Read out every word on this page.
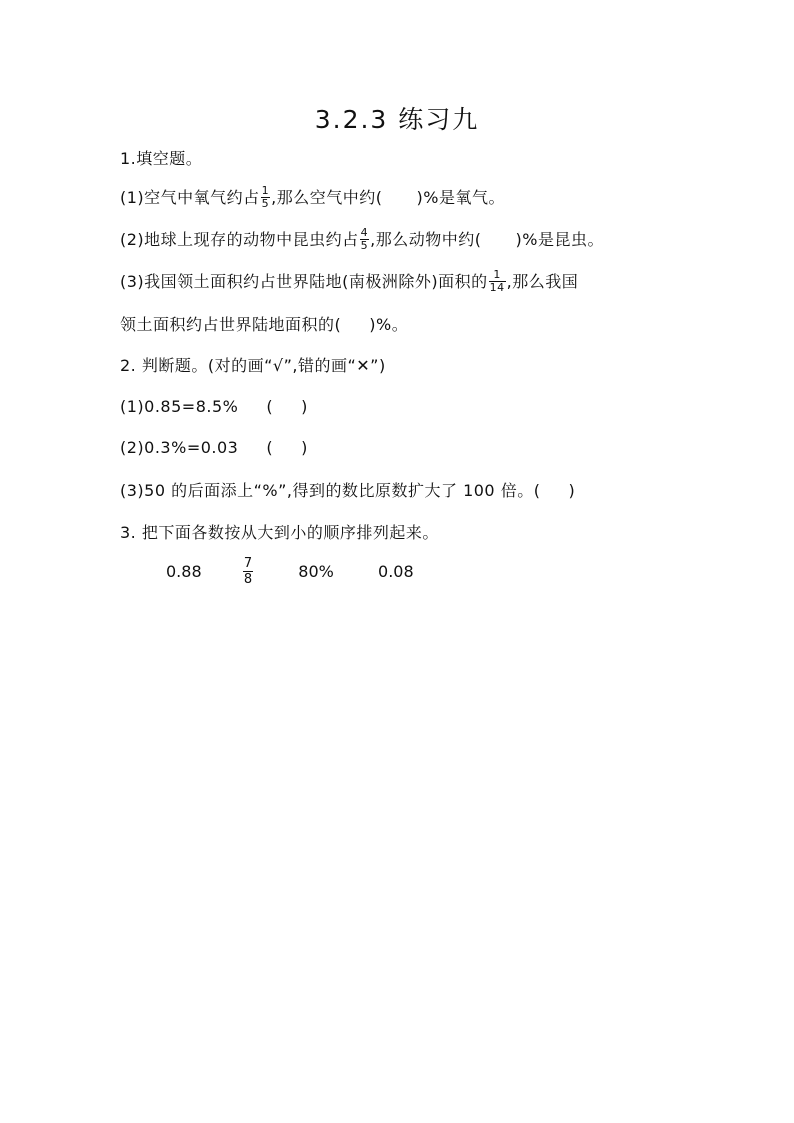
3.2.3 练习九
1.填空题。
(1)空气中氧气约占 $\frac{1}{5}$ ,那么空气中约( )%是氧气。
(2)地球上现存的动物中昆虫约占 $\frac{4}{5}$ ,那么动物中约( )%是昆虫。
(3)我国领土面积约占世界陆地(南极洲除外)面积的 $\frac{1}{14}$ ,那么我国
领土面积约占世界陆地面积的( )%。
2. 判断题。(对的画“√”,错的画“✕”)
(1)0.85=8.5% ( )
(2)0.3%=0.03 ( )
(3)50 的后面添上“%”,得到的数比原数扩大了 100 倍。( )
3. 把下面各数按从大到小的顺序排列起来。
0.88	$\frac{7}{8}$	80%	0.08
